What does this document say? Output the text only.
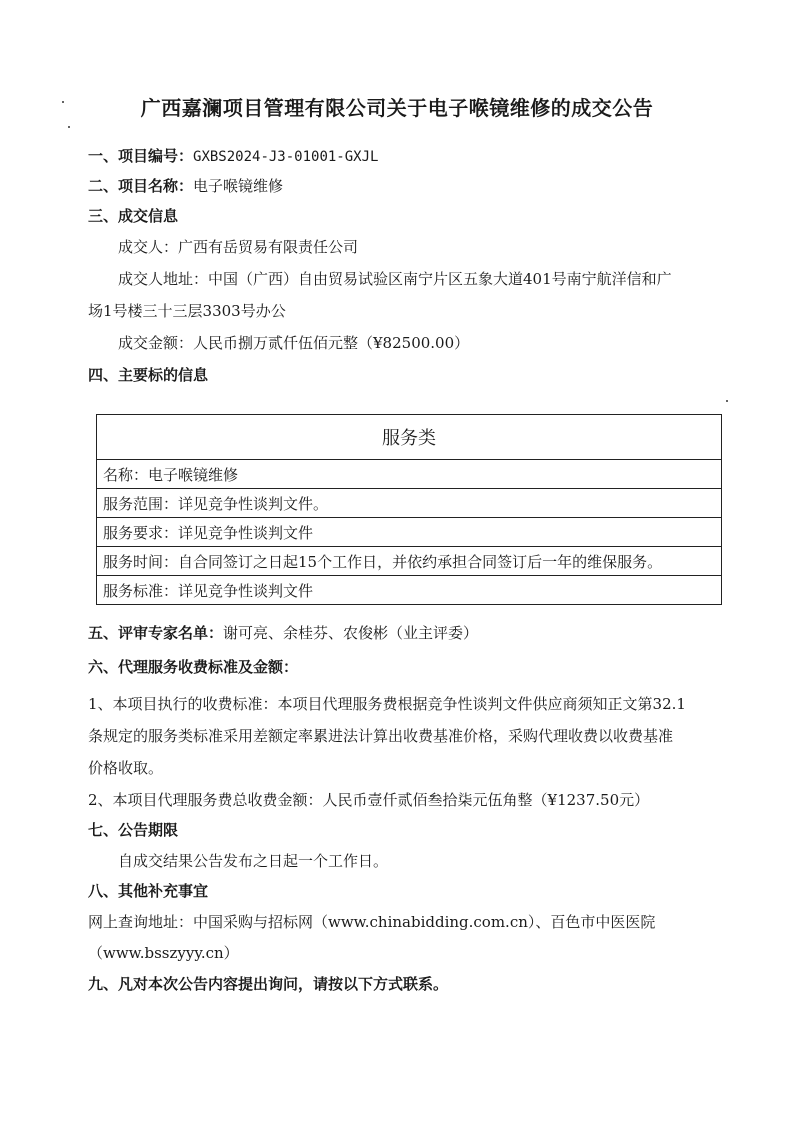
广西嘉澜项目管理有限公司关于电子喉镜维修的成交公告
一、项目编号：GXBS2024-J3-01001-GXJL
二、项目名称：电子喉镜维修
三、成交信息
成交人：广西有岳贸易有限责任公司
成交人地址：中国（广西）自由贸易试验区南宁片区五象大道401号南宁航洋信和广
场1号楼三十三层3303号办公
成交金额：人民币捌万贰仟伍佰元整（¥82500.00）
四、主要标的信息
服务类
名称：电子喉镜维修
服务范围：详见竞争性谈判文件。
服务要求：详见竞争性谈判文件
服务时间：自合同签订之日起15个工作日，并依约承担合同签订后一年的维保服务。
服务标准：详见竞争性谈判文件
五、评审专家名单：谢可亮、余桂芬、农俊彬（业主评委）
六、代理服务收费标准及金额：
1、本项目执行的收费标准：本项目代理服务费根据竞争性谈判文件供应商须知正文第32.1
条规定的服务类标准采用差额定率累进法计算出收费基准价格，采购代理收费以收费基准
价格收取。
2、本项目代理服务费总收费金额：人民币壹仟贰佰叁拾柒元伍角整（¥1237.50元）
七、公告期限
自成交结果公告发布之日起一个工作日。
八、其他补充事宜
网上查询地址：中国采购与招标网（www.chinabidding.com.cn）、百色市中医医院
（www.bsszyyy.cn）
九、凡对本次公告内容提出询问，请按以下方式联系。
